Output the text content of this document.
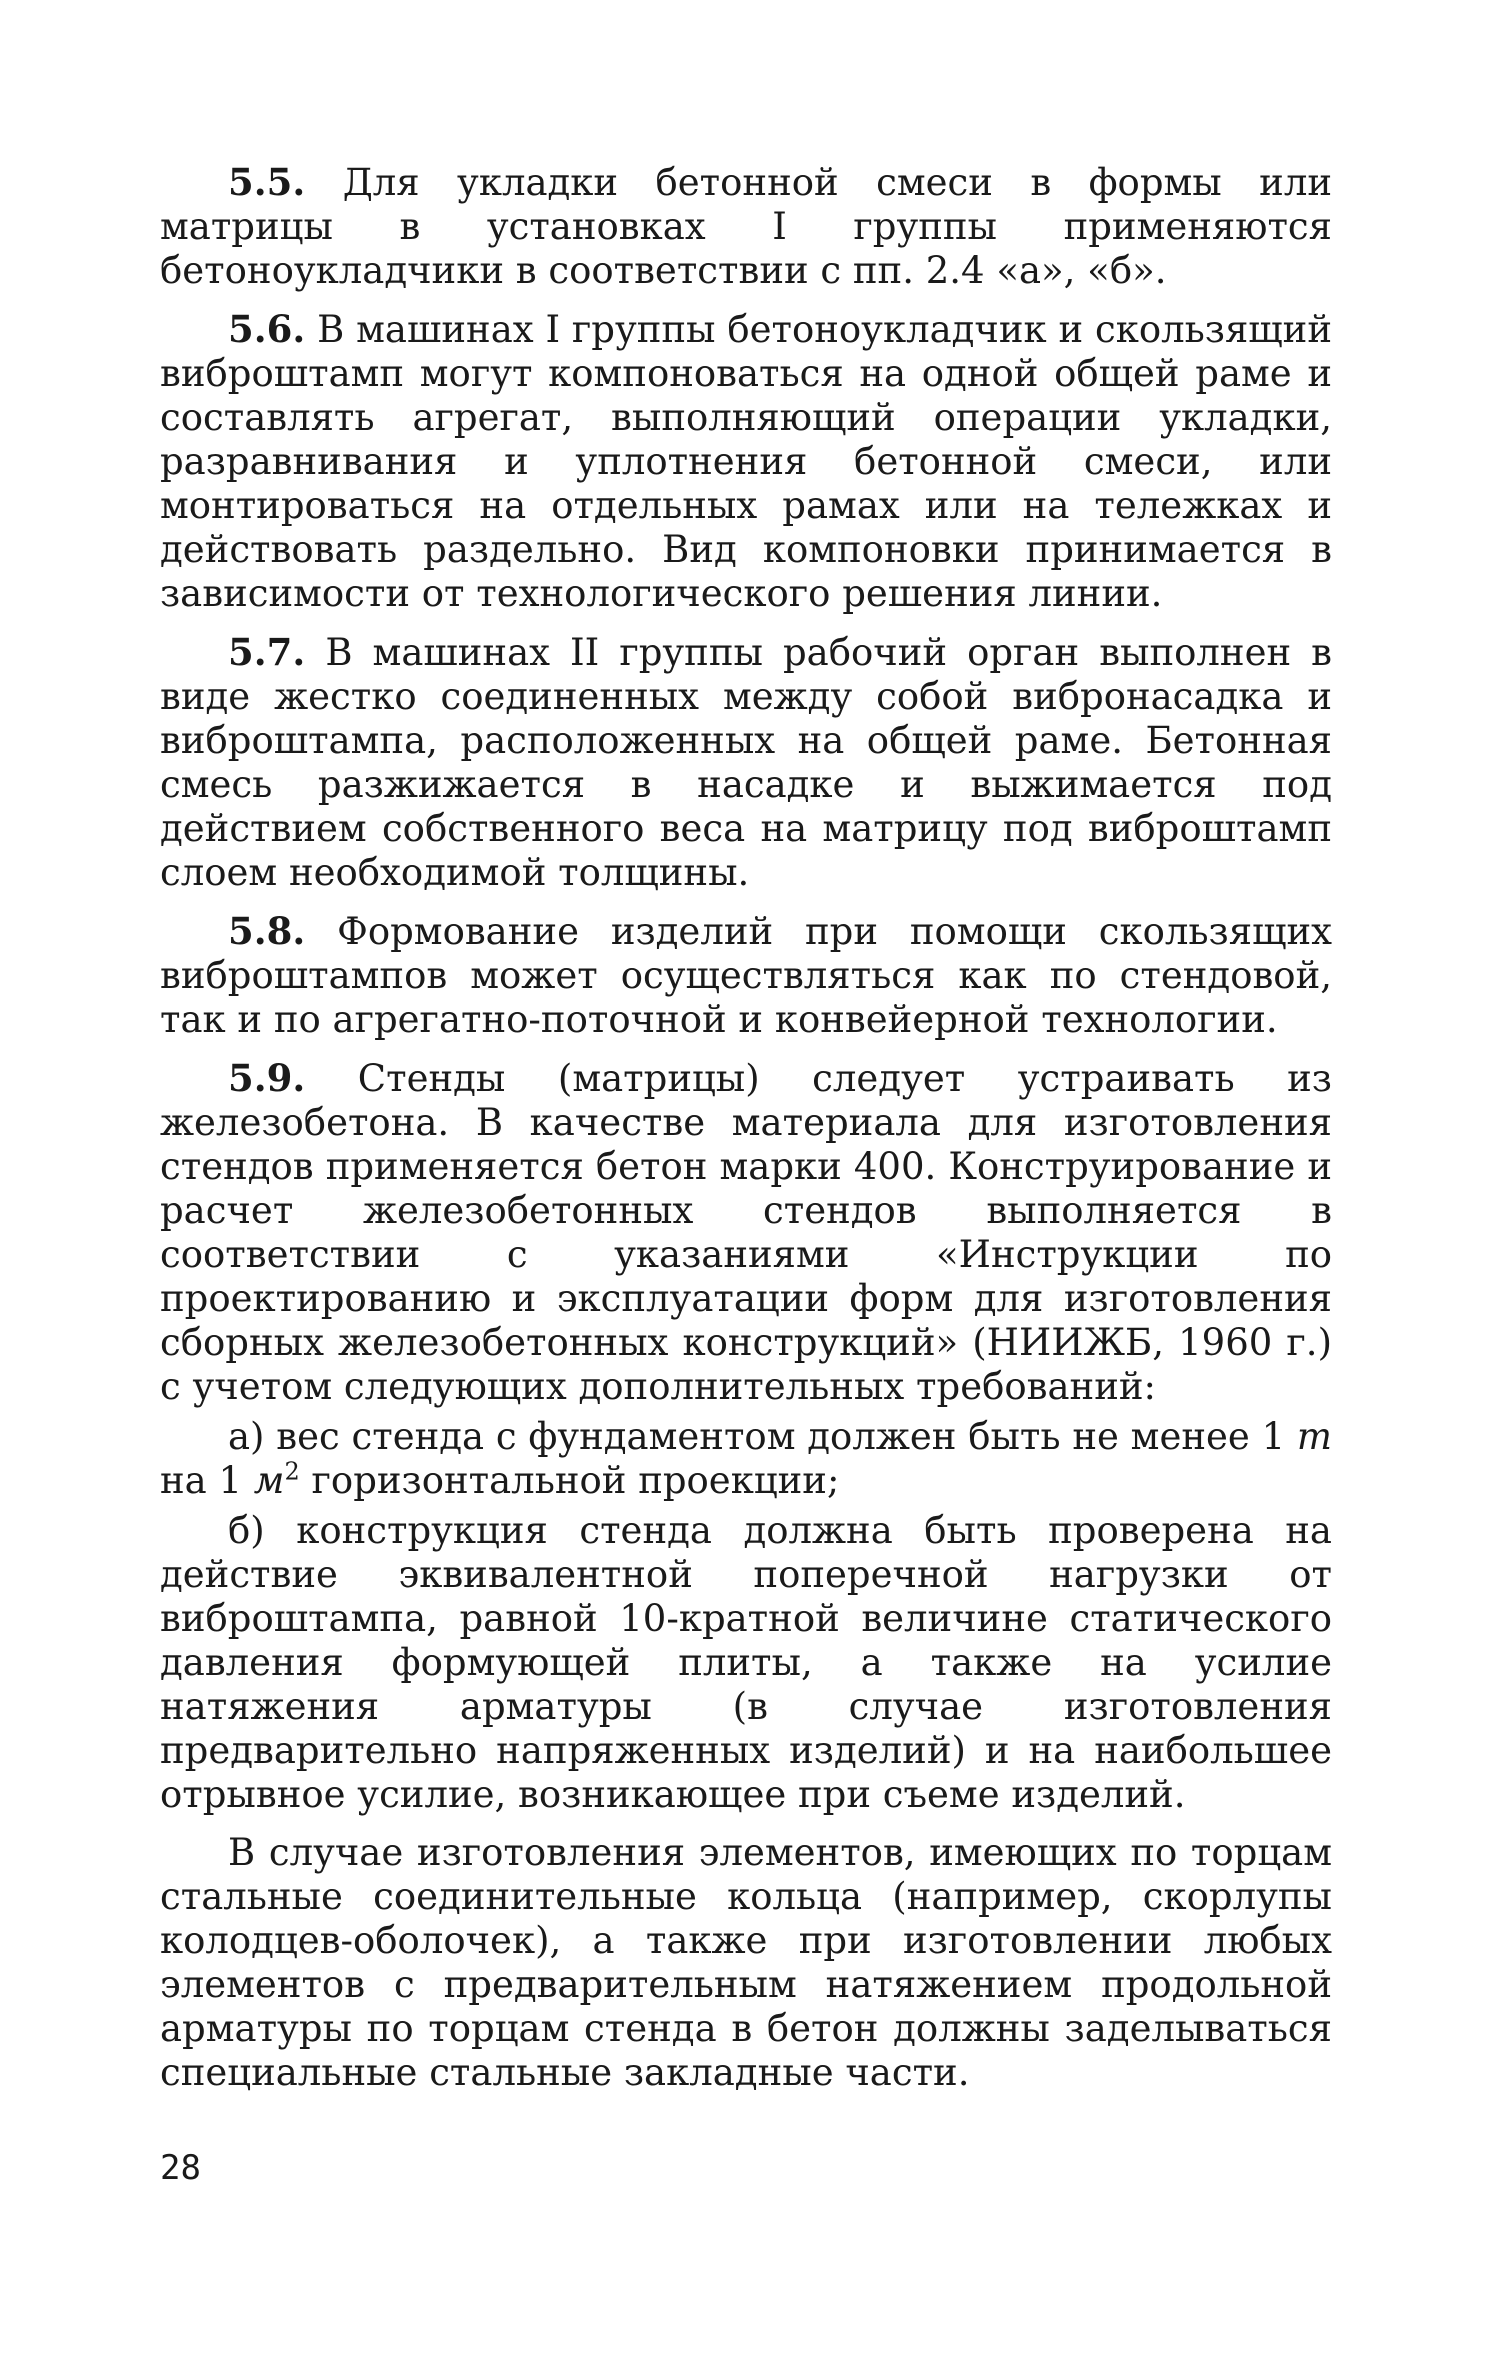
5.5. Для укладки бетонной смеси в формы или матрицы в установках I группы применяются бетоноукладчики в соответствии с пп. 2.4 «а», «б».

5.6. В машинах I группы бетоноукладчик и скользящий виброштамп могут компоноваться на одной общей раме и составлять агрегат, выполняющий операции укладки, разравнивания и уплотнения бетонной смеси, или монтироваться на отдельных рамах или на тележках и действовать раздельно. Вид компоновки принимается в зависимости от технологического решения линии.

5.7. В машинах II группы рабочий орган выполнен в виде жестко соединенных между собой вибронасадка и виброштампа, расположенных на общей раме. Бетонная смесь разжижается в насадке и выжимается под действием собственного веса на матрицу под виброштамп слоем необходимой толщины.

5.8. Формование изделий при помощи скользящих виброштампов может осуществляться как по стендовой, так и по агрегатно-поточной и конвейерной технологии.

5.9. Стенды (матрицы) следует устраивать из железобетона. В качестве материала для изготовления стендов применяется бетон марки 400. Конструирование и расчет железобетонных стендов выполняется в соответствии с указаниями «Инструкции по проектированию и эксплуатации форм для изготовления сборных железобетонных конструкций» (НИИЖБ, 1960 г.) с учетом следующих дополнительных требований:

а) вес стенда с фундаментом должен быть не менее 1 т на 1 $м^2$ горизонтальной проекции;

б) конструкция стенда должна быть проверена на действие эквивалентной поперечной нагрузки от виброштампа, равной 10-кратной величине статического давления формующей плиты, а также на усилие натяжения арматуры (в случае изготовления предварительно напряженных изделий) и на наибольшее отрывное усилие, возникающее при съеме изделий.

В случае изготовления элементов, имеющих по торцам стальные соединительные кольца (например, скорлупы колодцев-оболочек), а также при изготовлении любых элементов с предварительным натяжением продольной арматуры по торцам стенда в бетон должны заделываться специальные стальные закладные части.

28
